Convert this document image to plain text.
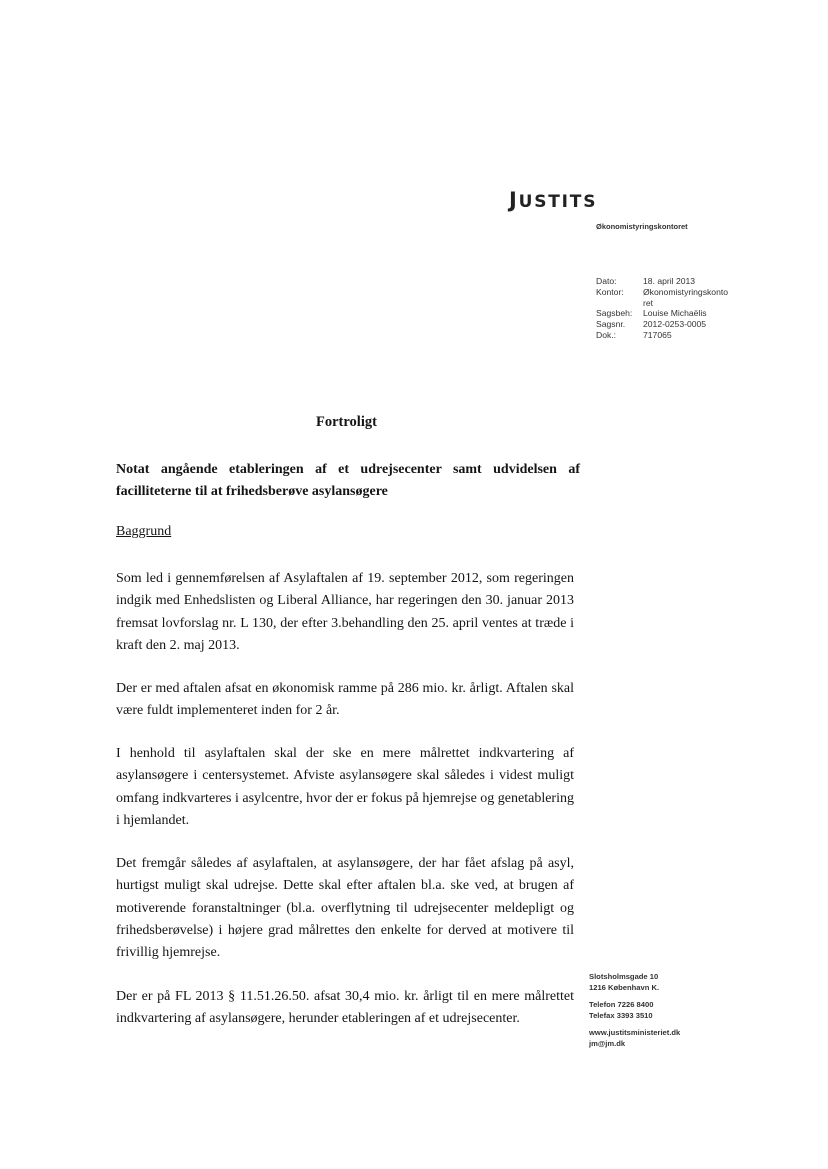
JUSTITS
Økonomistyringskontoret
Dato:	18. april 2013
Kontor:	Økonomistyringskonto ret
Sagsbeh:	Louise Michaëlis
Sagsnr.	2012-0253-0005
Dok.:	717065
Fortroligt
Notat angående etableringen af et udrejsecenter samt udvidelsen af facilliteterne til at frihedsberøve asylansøgere
Baggrund

Som led i gennemførelsen af Asylaftalen af 19. september 2012, som regeringen indgik med Enhedslisten og Liberal Alliance, har regeringen den 30. januar 2013 fremsat lovforslag nr. L 130, der efter 3.behandling den 25. april ventes at træde i kraft den 2. maj 2013.

Der er med aftalen afsat en økonomisk ramme på 286 mio. kr. årligt. Aftalen skal være fuldt implementeret inden for 2 år.

I henhold til asylaftalen skal der ske en mere målrettet indkvartering af asylansøgere i centersystemet. Afviste asylansøgere skal således i videst muligt omfang indkvarteres i asylcentre, hvor der er fokus på hjemrejse og genetablering i hjemlandet.

Det fremgår således af asylaftalen, at asylansøgere, der har fået afslag på asyl, hurtigst muligt skal udrejse. Dette skal efter aftalen bl.a. ske ved, at brugen af motiverende foranstaltninger (bl.a. overflytning til udrejsecenter meldepligt og frihedsberøvelse) i højere grad målrettes den enkelte for derved at motivere til frivillig hjemrejse.

Der er på FL 2013 § 11.51.26.50. afsat 30,4 mio. kr. årligt til en mere målrettet indkvartering af asylansøgere, herunder etableringen af et udrejsecenter.

Slotsholmsgade 10
1216 København K.
Telefon 7226 8400
Telefax 3393 3510
www.justitsministeriet.dk
jm@jm.dk
